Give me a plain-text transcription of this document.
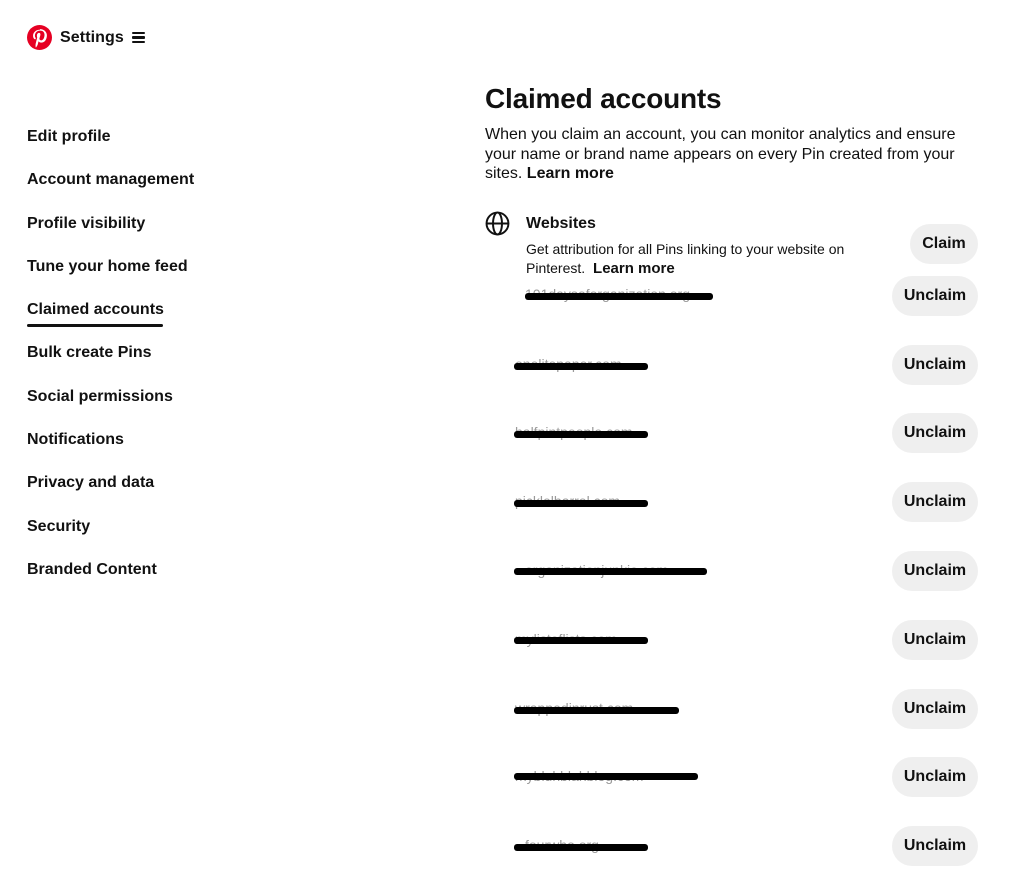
Settings
Edit profile
Account management
Profile visibility
Tune your home feed
Claimed accounts
Bulk create Pins
Social permissions
Notifications
Privacy and data
Security
Branded Content
Claimed accounts

When you claim an account, you can monitor analytics and ensure your name or brand name appears on every Pin created from your sites. Learn more

Websites
Get attribution for all Pins linking to your website on Pinterest. Learn more
Claim
Unclaim
Unclaim
Unclaim
Unclaim
Unclaim
Unclaim
Unclaim
Unclaim
Unclaim
